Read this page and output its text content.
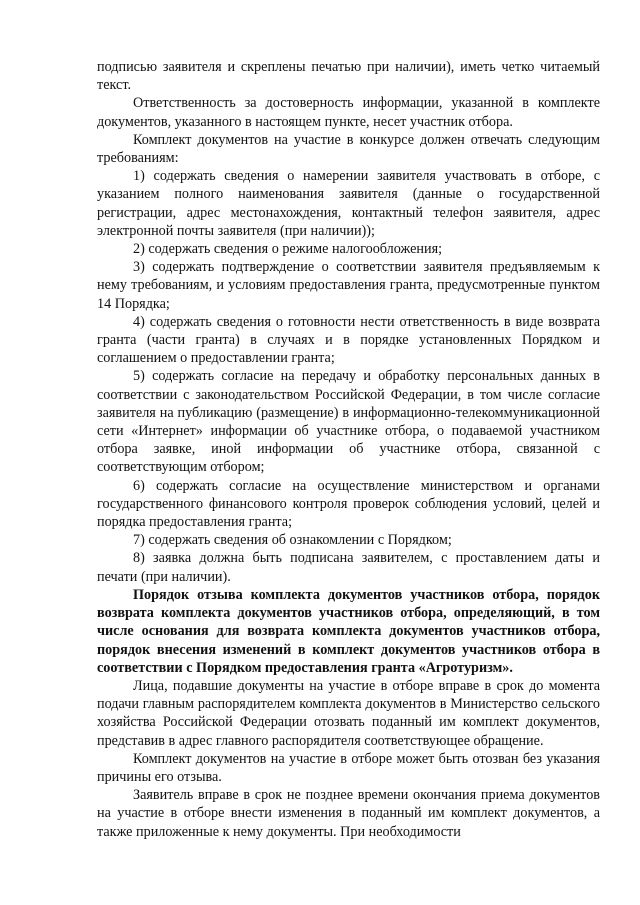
подписью заявителя и скреплены печатью при наличии), иметь четко читаемый текст.

Ответственность за достоверность информации, указанной в комплекте документов, указанного в настоящем пункте, несет участник отбора.

Комплект документов на участие в конкурсе должен отвечать следующим требованиям:

1) содержать сведения о намерении заявителя участвовать в отборе, с указанием полного наименования заявителя (данные о государственной регистрации, адрес местонахождения, контактный телефон заявителя, адрес электронной почты заявителя (при наличии));

2) содержать сведения о режиме налогообложения;

3) содержать подтверждение о соответствии заявителя предъявляемым к нему требованиям, и условиям предоставления гранта, предусмотренные пунктом 14 Порядка;

4) содержать сведения о готовности нести ответственность в виде возврата гранта (части гранта) в случаях и в порядке установленных Порядком и соглашением о предоставлении гранта;

5) содержать согласие на передачу и обработку персональных данных в соответствии с законодательством Российской Федерации, в том числе согласие заявителя на публикацию (размещение) в информационно-телекоммуникационной сети «Интернет» информации об участнике отбора, о подаваемой участником отбора заявке, иной информации об участнике отбора, связанной с соответствующим отбором;

6) содержать согласие на осуществление министерством и органами государственного финансового контроля проверок соблюдения условий, целей и порядка предоставления гранта;

7) содержать сведения об ознакомлении с Порядком;

8) заявка должна быть подписана заявителем, с проставлением даты и печати (при наличии).

Порядок отзыва комплекта документов участников отбора, порядок возврата комплекта документов участников отбора, определяющий, в том числе основания для возврата комплекта документов участников отбора, порядок внесения изменений в комплект документов участников отбора в соответствии с Порядком предоставления гранта «Агротуризм».

Лица, подавшие документы на участие в отборе вправе в срок до момента подачи главным распорядителем комплекта документов в Министерство сельского хозяйства Российской Федерации отозвать поданный им комплект документов, представив в адрес главного распорядителя соответствующее обращение.

Комплект документов на участие в отборе может быть отозван без указания причины его отзыва.

Заявитель вправе в срок не позднее времени окончания приема документов на участие в отборе внести изменения в поданный им комплект документов, а также приложенные к нему документы. При необходимости
